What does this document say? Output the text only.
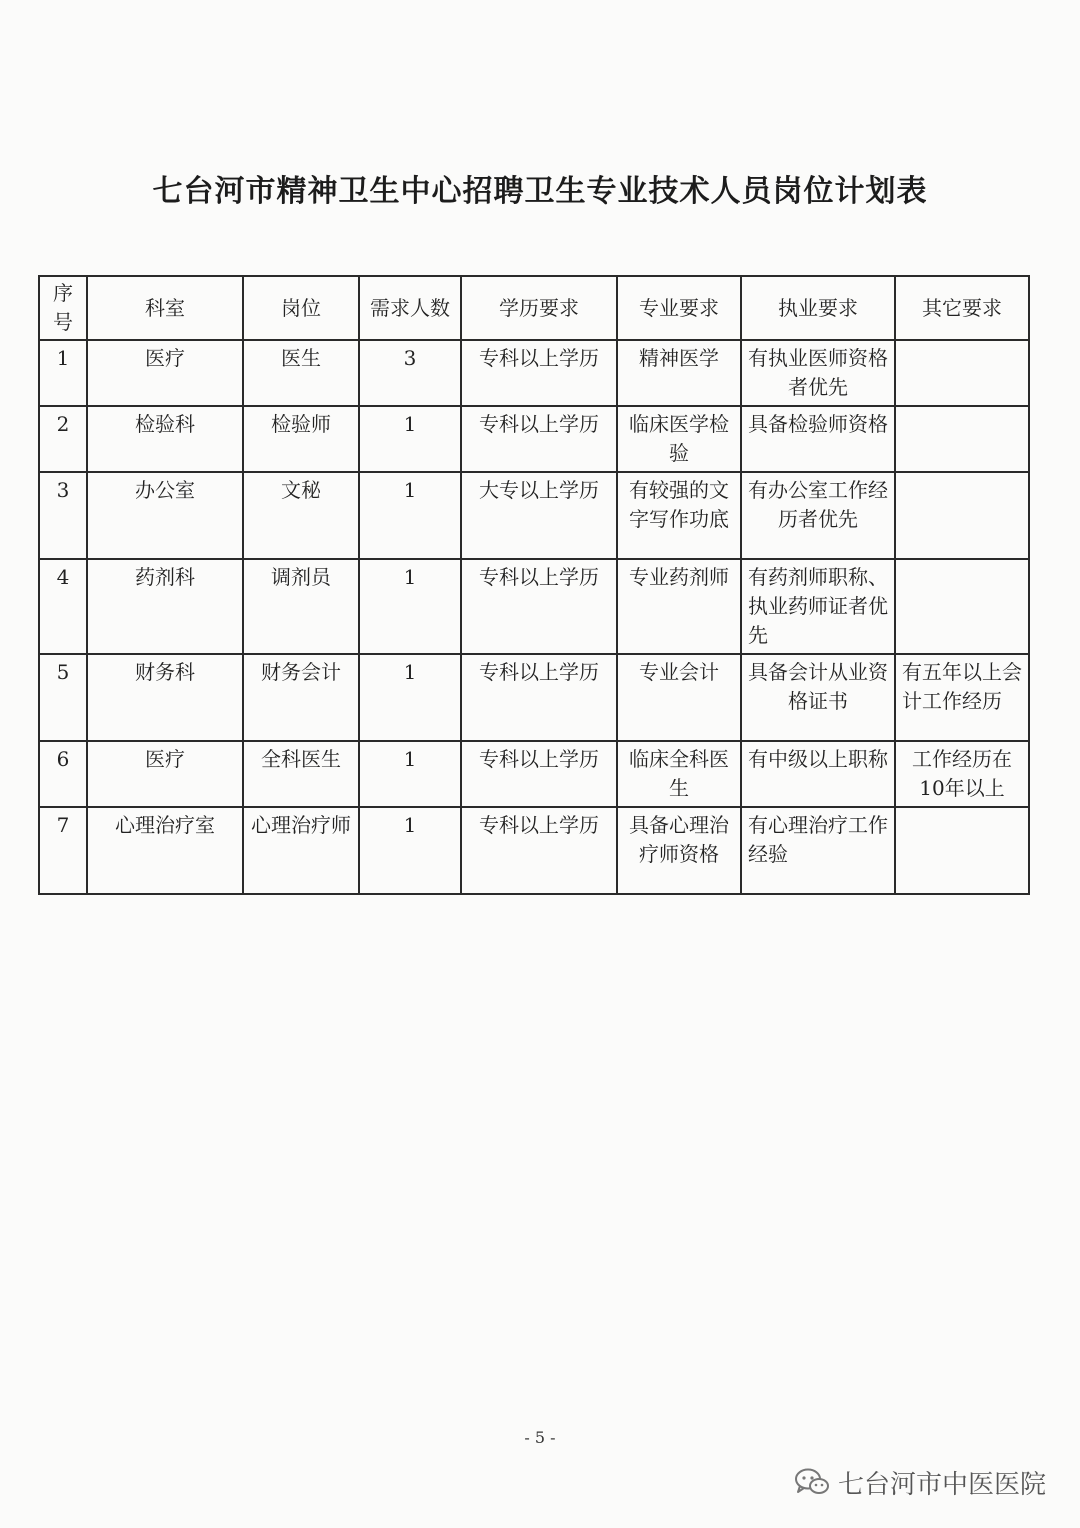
七台河市精神卫生中心招聘卫生专业技术人员岗位计划表
序号	科室	岗位	需求人数	学历要求	专业要求	执业要求	其它要求
1	医疗	医生	3	专科以上学历	精神医学	有执业医师资格者优先	
2	检验科	检验师	1	专科以上学历	临床医学检验	具备检验师资格	
3	办公室	文秘	1	大专以上学历	有较强的文字写作功底	有办公室工作经历者优先	
4	药剂科	调剂员	1	专科以上学历	专业药剂师	有药剂师职称、执业药师证者优先	
5	财务科	财务会计	1	专科以上学历	专业会计	具备会计从业资格证书	有五年以上会计工作经历
6	医疗	全科医生	1	专科以上学历	临床全科医生	有中级以上职称	工作经历在10年以上
7	心理治疗室	心理治疗师	1	专科以上学历	具备心理治疗师资格	有心理治疗工作经验	
- 5 -
七台河市中医医院
